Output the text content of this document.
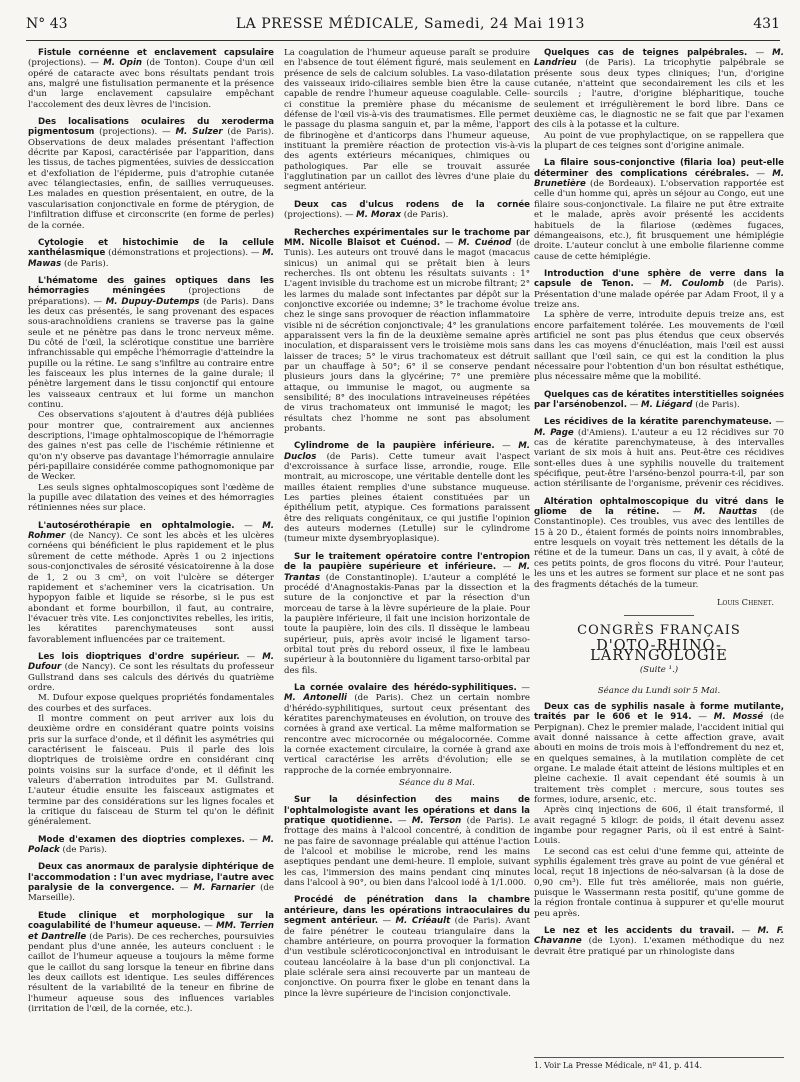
N° 43	LA PRESSE MÉDICALE, Samedi, 24 Mai 1913	431

Fistule cornéenne et enclavement capsulaire (projections). — M. Opin (de Tonton). Coupe d'un œil opéré de cataracte avec bons résultats pendant trois ans, malgré une fistulisation permanente et la présence d'un large enclavement capsulaire empêchant l'accolement des deux lèvres de l'incision.

Des localisations oculaires du xeroderma pigmentosum (projections). — M. Sulzer (de Paris). Observations de deux malades présentant l'affection décrite par Kaposi, caractérisée par l'apparition, dans les tissus, de taches pigmentées, suivies de dessiccation et d'exfoliation de l'épiderme, puis d'atrophie cutanée avec télangiectasies, enfin, de saillies verruqueuses. Les malades en question présentaient, en outre, de la vascularisation conjonctivale en forme de ptérygion, de l'infiltration diffuse et circonscrite (en forme de perles) de la cornée.

Cytologie et histochimie de la cellule xanthélasmique (démonstrations et projections). — M. Mawas (de Paris).

L'hématome des gaines optiques dans les hémorragies méningées	(projections de préparations). — M. Dupuy-Dutemps (de Paris). Dans les deux cas présentés, le sang provenant des espaces sous-arachnoïdiens craniens se traverse pas la gaine seule et ne pénètre pas dans le tronc nerveux même. Du côté de l'œil, la sclérotique constitue une barrière infranchissable qui empêche l'hémorragie d'atteindre la pupille ou la rétine. Le sang s'infiltre au contraire entre les faisceaux les plus internes de la gaine durale; il pénètre largement dans le tissu conjonctif qui entoure les vaisseaux centraux et lui forme un manchon continu.

Ces observations s'ajoutent à d'autres déjà publiées pour montrer que, contrairement aux anciennes descriptions, l'image ophtalmoscopique de l'hémorragie des gaines n'est pas celle de l'ischémie rétinienne et qu'on n'y observe pas davantage l'hémorragie annulaire péri-papillaire considérée comme pathognomonique par de Wecker.

Les seuls signes ophtalmoscopiques sont l'œdème de la pupille avec dilatation des veines et des hémorragies rétiniennes nées sur place.

L'autosérothérapie en ophtalmologie. — M. Rohmer (de Nancy). Ce sont les abcès et les ulcères cornéens qui bénéficient le plus rapidement et le plus sûrement de cette méthode. Après 1 ou 2 injections sous-conjonctivales de sérosité vésicatoirenne à la dose de 1, 2 ou 3 cm³, on voit l'ulcère se déterger rapidement et s'acheminer vers la cicatrisation. Un hypopyon faible et liquide se résorbe, si le pus est abondant et forme bourbillon, il faut, au contraire, l'évacuer très vite. Les conjonctivites rebelles, les iritis, les kératites parenchymateuses sont aussi favorablement influencées par ce traitement.

Les lois dioptriques d'ordre supérieur. — M. Dufour (de Nancy). Ce sont les résultats du professeur Gullstrand dans ses calculs des dérivés du quatrième ordre.

M. Dufour expose quelques propriétés fondamentales des courbes et des surfaces.

Il montre comment on peut arriver aux lois du deuxième ordre en considérant quatre points voisins pris sur la surface d'onde, et il définit les asymétries qui caractérisent le faisceau. Puis il parle des lois dioptriques de troisième ordre en considérant cinq points voisins sur la surface d'onde, et il définit les valeurs d'aberration introduites par M. Gullstrand. L'auteur étudie ensuite les faisceaux astigmates et termine par des considérations sur les lignes focales et la critique du faisceau de Sturm tel qu'on le définit généralement.

Mode d'examen des dioptries complexes. — M. Polack (de Paris).

Deux cas anormaux de paralysie diphtérique de l'accommodation : l'un avec mydriase, l'autre avec paralysie de la convergence. — M. Farnarier (de Marseille).

Etude clinique et morphologique sur la coagulabilité de l'humeur aqueuse. — MM. Terrien et Dantrelle (de Paris). De ces recherches, poursuivies pendant plus d'une année, les auteurs concluent : le caillot de l'humeur aqueuse a toujours la même forme que le caillot du sang lorsque la teneur en fibrine dans les deux caillots est identique. Les seules différences résultent de la variabilité de la teneur en fibrine de l'humeur aqueuse sous des influences variables (irritation de l'œil, de la cornée, etc.).

La coagulation de l'humeur aqueuse paraît se produire en l'absence de tout élément figuré, mais seulement en présence de sels de calcium solubles. La vaso-dilatation des vaisseaux irido-ciliaires semble bien être la cause capable de rendre l'humeur aqueuse coagulable. Celle-ci constitue la première phase du mécanisme de défense de l'œil vis-à-vis des traumatismes. Elle permet le passage du plasma sanguin et, par la même, l'apport de fibrinogène et d'anticorps dans l'humeur aqueuse, instituant la première réaction de protection vis-à-vis des agents extérieurs mécaniques, chimiques ou pathologiques. Par elle se trouvait assurée l'agglutination par un caillot des lèvres d'une plaie du segment antérieur.

Deux cas d'ulcus rodens de la cornée (projections). — M. Morax (de Paris).

Recherches expérimentales sur le trachome par MM. Nicolle Blaisot et Cuénod. — M. Cuénod (de Tunis). Les auteurs ont trouvé dans le magot (macacus sinicus) un animal qui se prêtait bien à leurs recherches. Ils ont obtenu les résultats suivants : 1° L'agent invisible du trachome est un microbe filtrant; 2° les larmes du malade sont infectantes par dépôt sur la conjonctive excoriée ou indemne; 3° le trachome évolue chez le singe sans provoquer de réaction inflammatoire visible ni de sécrétion conjonctivale; 4° les granulations apparaissent vers la fin de la deuxième semaine après inoculation, et disparaissent vers le troisième mois sans laisser de traces; 5° le virus trachomateux est détruit par un chauffage à 50°; 6° il se conserve pendant plusieurs jours dans la glycérine; 7° une première attaque, ou immunise le magot, ou augmente sa sensibilité; 8° des inoculations intraveineuses répétées de virus trachomateux ont immunisé le magot; les résultats chez l'homme ne sont pas absolument probants.

Cylindrome de la paupière inférieure. — M. Duclos (de Paris). Cette tumeur avait l'aspect d'excroissance à surface lisse, arrondie, rouge. Elle montrait, au microscope, une véritable dentelle dont les mailles étaient remplies d'une substance muqueuse. Les parties pleines étaient constituées par un épithélium petit, atypique. Ces formations paraissent être des reliquats congénitaux, ce qui justifie l'opinion des auteurs modernes (Letulle) sur le cylindrome (tumeur mixte dysembryoplasique).

Sur le traitement opératoire contre l'entropion de la paupière supérieure et inférieure. — M. Trantas (de Constantinople). L'auteur a complété le procédé d'Anagnostakis-Panas par la dissection et la suture de la conjonctive et par la résection d'un morceau de tarse à la lèvre supérieure de la plaie. Pour la paupière inférieure, il fait une incision horizontale de toute la paupière, loin des cils. Il dissèque le lambeau supérieur, puis, après avoir incisé le ligament tarso-orbital tout près du rebord osseux, il fixe le lambeau supérieur à la boutonnière du ligament tarso-orbital par des fils.

La cornée ovalaire des hérédo-syphilitiques. — M. Antonelli (de Paris). Chez un certain nombre d'hérédo-syphilitiques, surtout ceux présentant des kératites parenchymateuses en évolution, on trouve des cornées à grand axe vertical. La même malformation se rencontre avec microcornée ou mégalocornée. Comme la cornée exactement circulaire, la cornée à grand axe vertical caractérise les arrêts d'évolution; elle se rapproche de la cornée embryonnaire.

Séance du 8 Mai.

Sur la désinfection des mains de l'ophtalmologiste avant les opérations et dans la pratique quotidienne. — M. Terson (de Paris). Le frottage des mains à l'alcool concentré, à condition de ne pas faire de savonnage préalable qui atténue l'action de l'alcool et mobilise le microbe, rend les mains aseptiques pendant une demi-heure. Il emploie, suivant les cas, l'immersion des mains pendant cinq minutes dans l'alcool à 90°, ou bien dans l'alcool iodé à 1/1.000.

Procédé de pénétration dans la chambre antérieure, dans les opérations intraoculaires du segment antérieur. — M. Criéault (de Paris). Avant de faire pénétrer le couteau triangulaire dans la chambre antérieure, on pourra provoquer la formation d'un vestibule scléroticoconjonctival en introduisant le couteau lancéolaire à la base d'un pli conjonctival. La plaie sclérale sera ainsi recouverte par un manteau de conjonctive. On pourra fixer le globe en tenant dans la pince la lèvre supérieure de l'incision conjonctivale.

Quelques cas de teignes palpébrales. — M. Landrieu (de Paris). La tricophytie palpébrale se présente sous deux types cliniques; l'un, d'origine cutanée, n'atteint que secondairement les cils et les sourcils ; l'autre, d'origine blépharitique, touche seulement et irrégulièrement le bord libre. Dans ce deuxième cas, le diagnostic ne se fait que par l'examen des cils à la potasse et la culture.

Au point de vue prophylactique, on se rappellera que la plupart de ces teignes sont d'origine animale.

La filaire sous-conjonctive (filaria loa) peut-elle déterminer des complications cérébrales. — M. Brunetière (de Bordeaux). L'observation rapportée est celle d'un homme qui, après un séjour au Congo, eut une filaire sous-conjonctivale. La filaire ne put être extraite et le malade, après avoir présenté les accidents habituels de la filariose (œdèmes fugaces, démangeaisons, etc.), fit brusquement une hémiplégie droite. L'auteur conclut à une embolie filarienne comme cause de cette hémiplégie.

Introduction d'une sphère de verre dans la capsule de Tenon. — M. Coulomb (de Paris). Présentation d'une malade opérée par Adam Froot, il y a treize ans.

La sphère de verre, introduite depuis treize ans, est encore parfaitement tolérée. Les mouvements de l'œil artificiel ne sont pas plus étendus que ceux observés dans les cas moyens d'énucléation, mais l'œil est aussi saillant que l'œil sain, ce qui est la condition la plus nécessaire pour l'obtention d'un bon résultat esthétique, plus nécessaire même que la mobilité.

Quelques cas de kératites interstitielles soignées par l'arsénobenzol. — M. Liégard (de Paris).

Les récidives de la kératite parenchymateuse. — M. Page (d'Amiens). L'auteur a eu 12 récidives sur 70 cas de kératite parenchymateuse, à des intervalles variant de six mois à huit ans. Peut-être ces récidives sont-elles dues à une syphilis nouvelle du traitement spécifique, peut-être l'arséno-benzol pourra-t-il, par son action stérilisante de l'organisme, prévenir ces récidives.

Altération ophtalmoscopique du vitré dans le gliome de la rétine. — M. Nauttas (de Constantinople). Ces troubles, vus avec des lentilles de 15 à 20 D., étaient formés de points noirs innombrables, entre lesquels on voyait très nettement les détails de la rétine et de la tumeur. Dans un cas, il y avait, à côté de ces petits points, de gros flocons du vitré. Pour l'auteur, les uns et les autres se forment sur place et ne sont pas des fragments détachés de la tumeur.

Louis Chenet.
CONGRÈS FRANÇAIS
D'OTO-RHINO-LARYNGOLOGIE
(Suite ¹.)
Séance du Lundi soir 5 Mai.

Deux cas de syphilis nasale à forme mutilante, traités par le 606 et le 914. — M. Mossé (de Perpignan). Chez le premier malade, l'accident initial qui avait donné naissance à cette affection grave, avait abouti en moins de trois mois à l'effondrement du nez et, en quelques semaines, à la mutilation complète de cet organe. Le malade était atteint de lésions multiples et en pleine cachexie. Il avait cependant été soumis à un traitement très complet : mercure, sous toutes ses formes, iodure, arsenic, etc.

Après cinq injections de 606, il était transformé, il avait regagné 5 kilogr. de poids, il était devenu assez ingambe pour regagner Paris, où il est entré à Saint-Louis.

Le second cas est celui d'une femme qui, atteinte de syphilis également très grave au point de vue général et local, reçut 18 injections de néo-salvarsan (à la dose de 0,90 cm³). Elle fut très améliorée, mais non guérie, puisque le Wassermann resta positif, qu'une gomme de la région frontale continua à suppurer et qu'elle mourut peu après.

Le nez et les accidents du travail. — M. F. Chavanne (de Lyon). L'examen méthodique du nez devrait être pratiqué par un rhinologiste dans

1. Voir La Presse Médicale, nº 41, p. 414.
